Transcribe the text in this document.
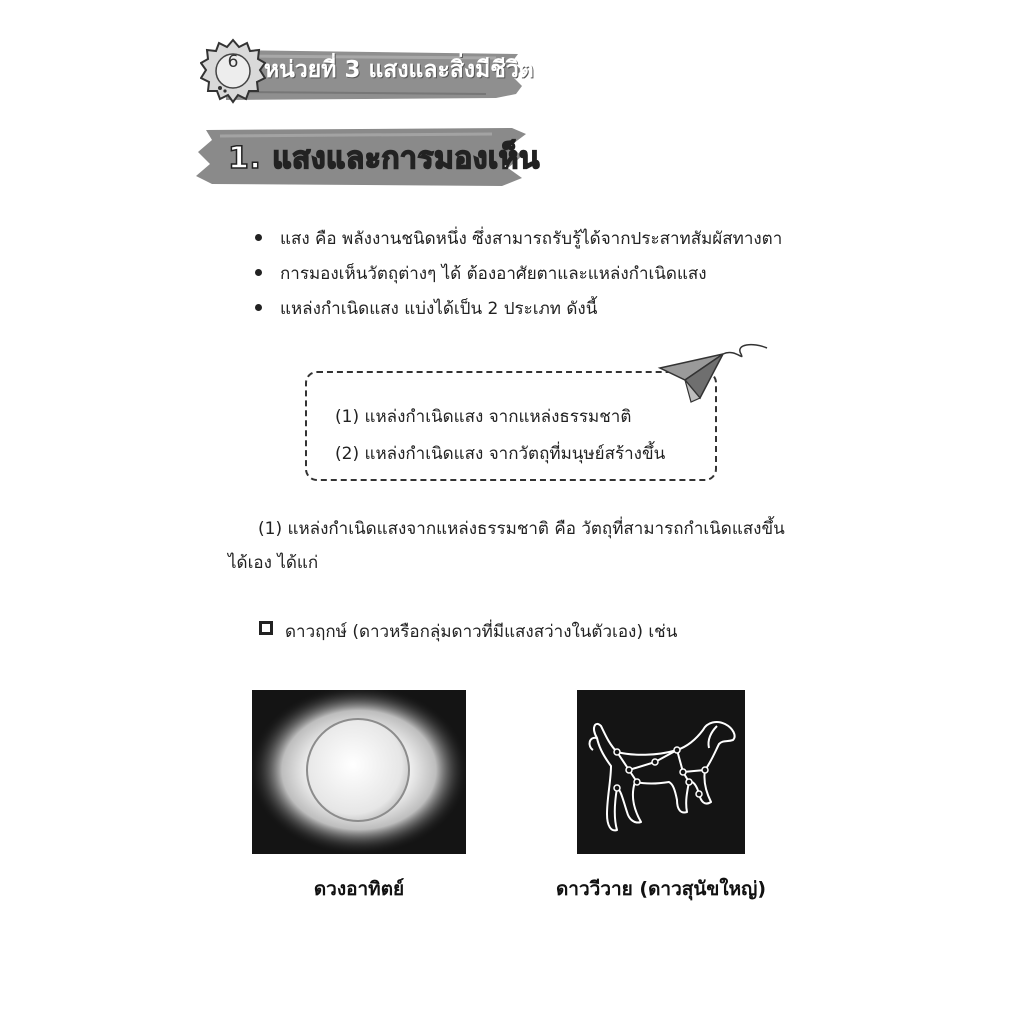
6	หน่วยที่ 3 แสงและสิ่งมีชีวิต
1. แสงและการมองเห็น
แสง คือ พลังงานชนิดหนึ่ง ซึ่งสามารถรับรู้ได้จากประสาทสัมผัสทางตา
การมองเห็นวัตถุต่างๆ ได้ ต้องอาศัยตาและแหล่งกำเนิดแสง
แหล่งกำเนิดแสง แบ่งได้เป็น 2 ประเภท ดังนี้
(1) แหล่งกำเนิดแสง จากแหล่งธรรมชาติ
(2) แหล่งกำเนิดแสง จากวัตถุที่มนุษย์สร้างขึ้น
(1) แหล่งกำเนิดแสงจากแหล่งธรรมชาติ คือ วัตถุที่สามารถกำเนิดแสงขึ้น
ได้เอง ได้แก่
ดาวฤกษ์ (ดาวหรือกลุ่มดาวที่มีแสงสว่างในตัวเอง) เช่น
ดวงอาทิตย์	ดาววีวาย (ดาวสุนัขใหญ่)
